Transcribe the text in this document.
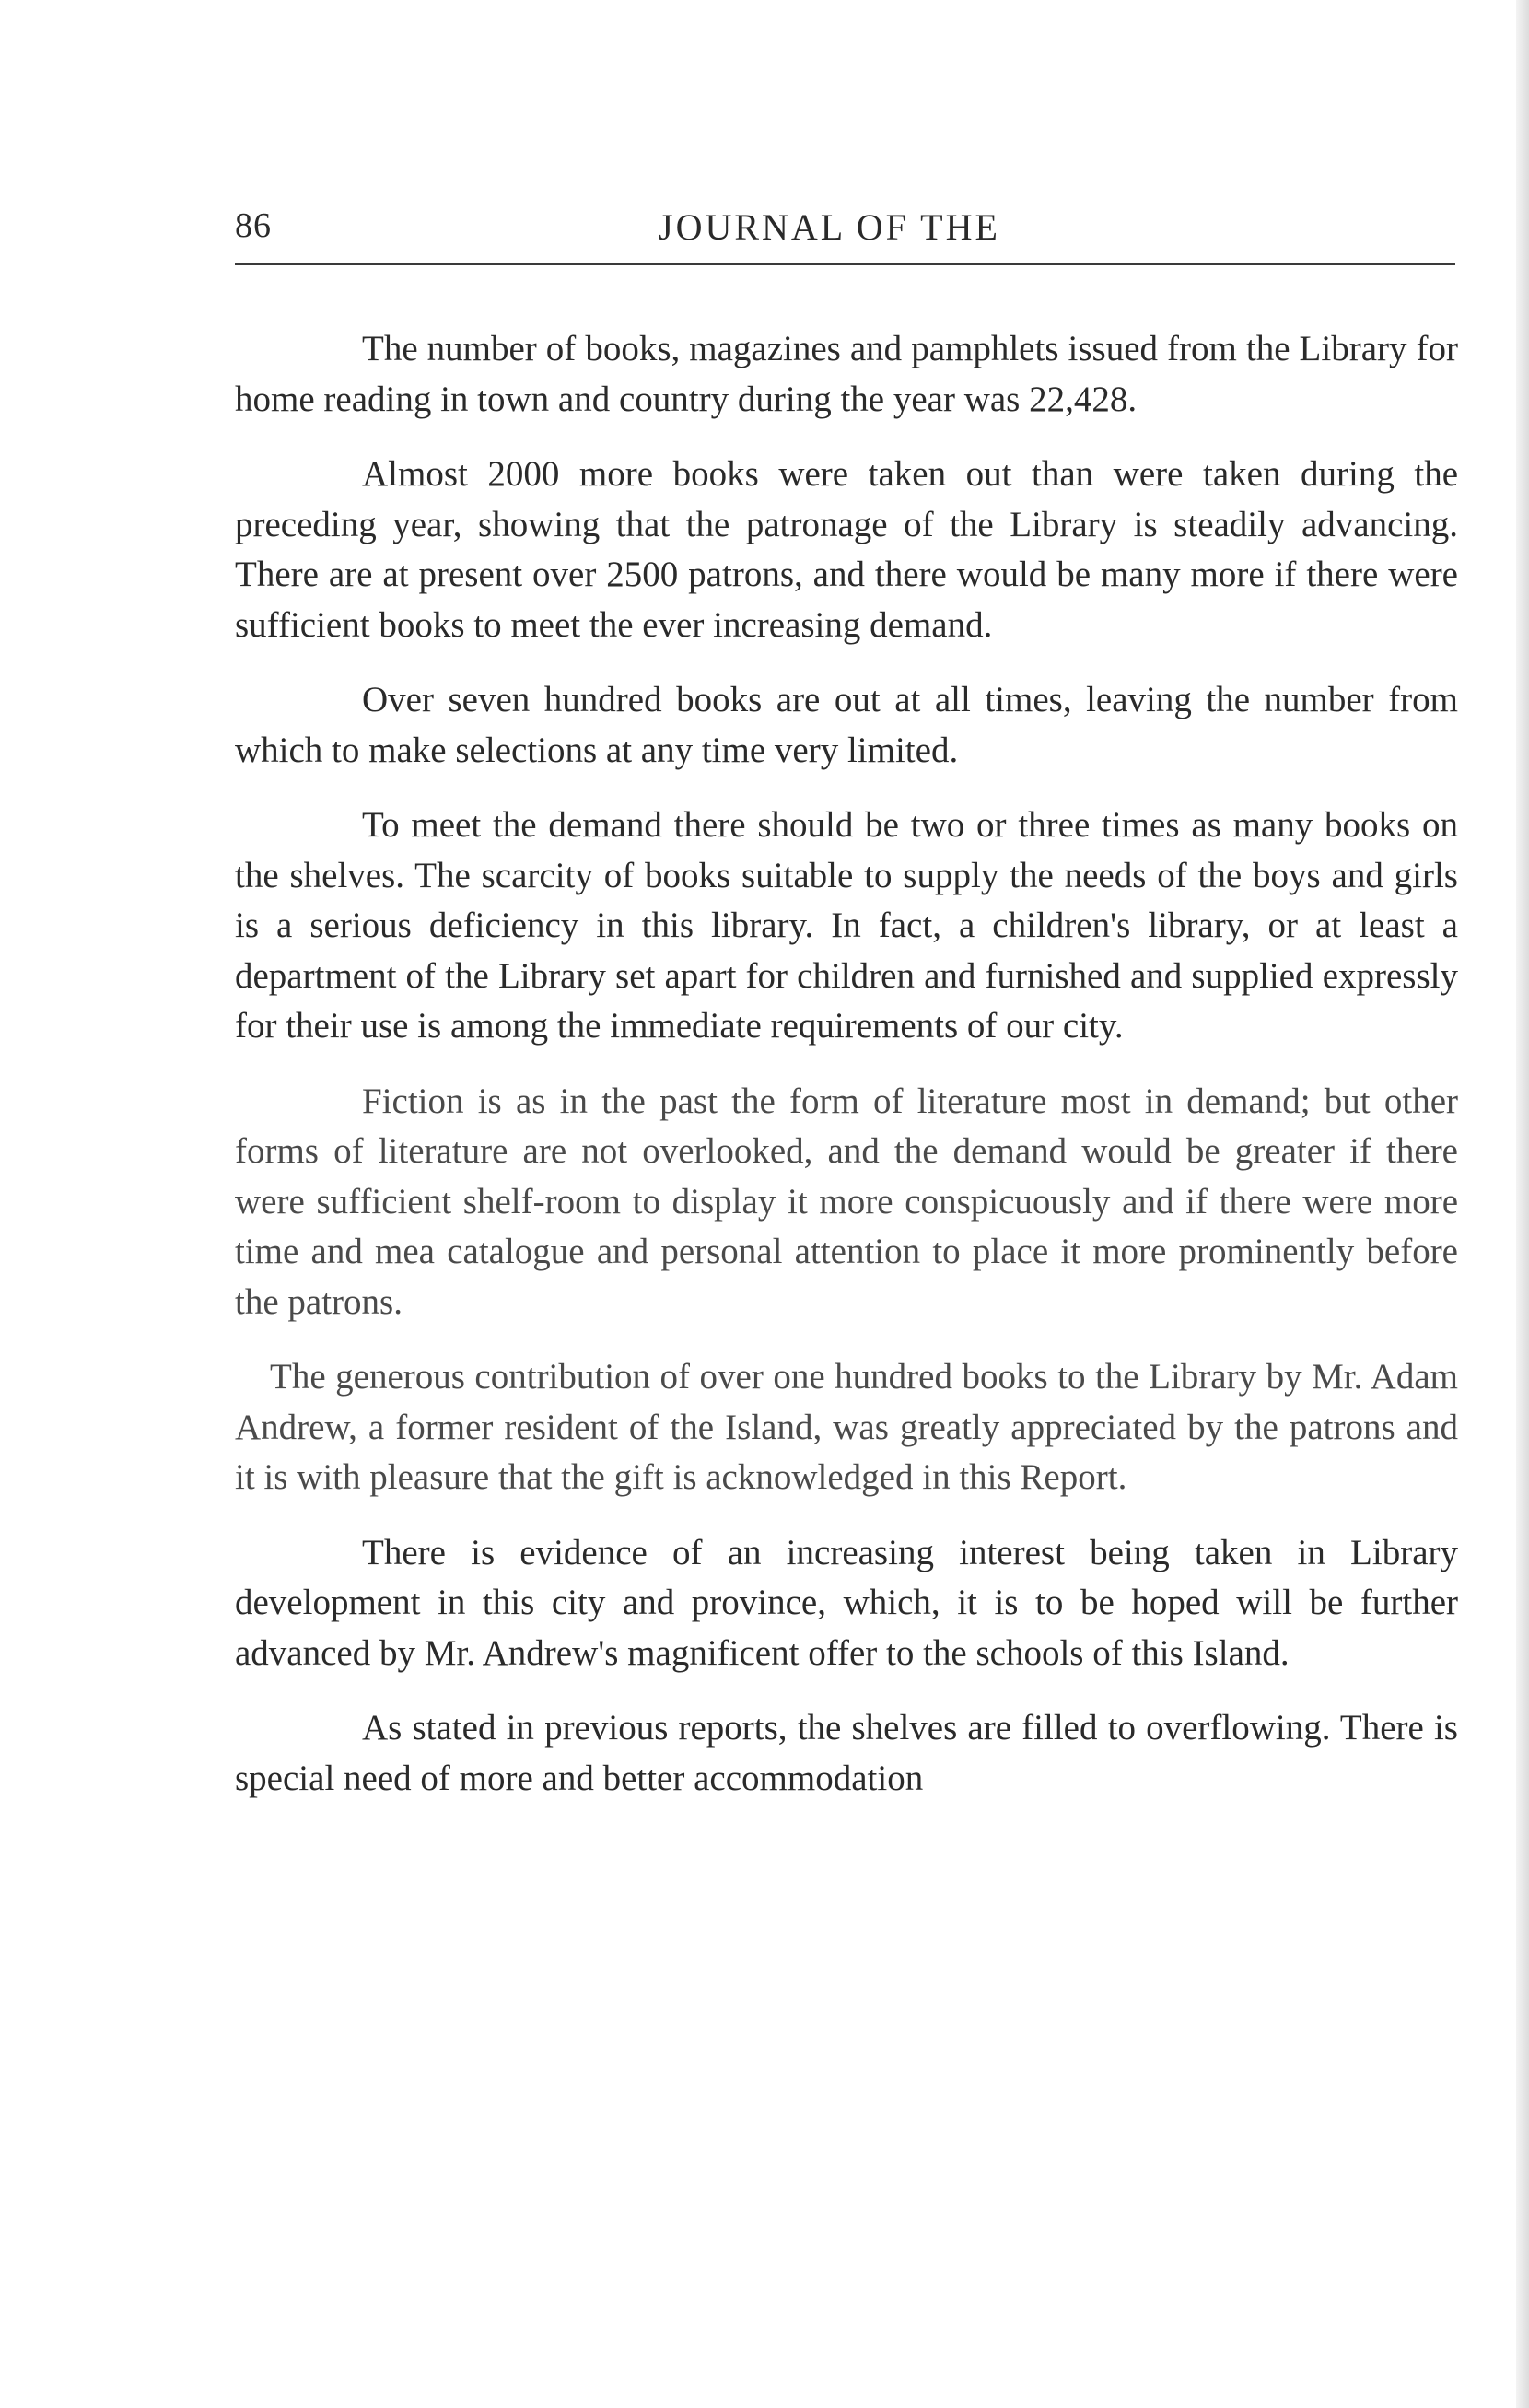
86	JOURNAL OF THE

The number of books, magazines and pamphlets issued from the Library for home reading in town and country during the year was 22,428.

Almost 2000 more books were taken out than were taken during the preceding year, showing that the patronage of the Library is steadily advancing. There are at present over 2500 patrons, and there would be many more if there were sufficient books to meet the ever increasing demand.

Over seven hundred books are out at all times, leaving the number from which to make selections at any time very limited.

To meet the demand there should be two or three times as many books on the shelves. The scarcity of books suitable to supply the needs of the boys and girls is a serious deficiency in this library. In fact, a children's library, or at least a department of the Library set apart for children and furnished and supplied expressly for their use is among the immediate requirements of our city.

Fiction is as in the past the form of literature most in demand; but other forms of literature are not overlooked, and the demand would be greater if there were sufficient shelf-room to display it more conspicuously and if there were more time and mea catalogue and personal attention to place it more prominently before the patrons.

The generous contribution of over one hundred books to the Library by Mr. Adam Andrew, a former resident of the Island, was greatly appreciated by the patrons and it is with pleasure that the gift is acknowledged in this Report.

There is evidence of an increasing interest being taken in Library development in this city and province, which, it is to be hoped will be further advanced by Mr. Andrew's magnificent offer to the schools of this Island.

As stated in previous reports, the shelves are filled to overflowing. There is special need of more and better accommodation
